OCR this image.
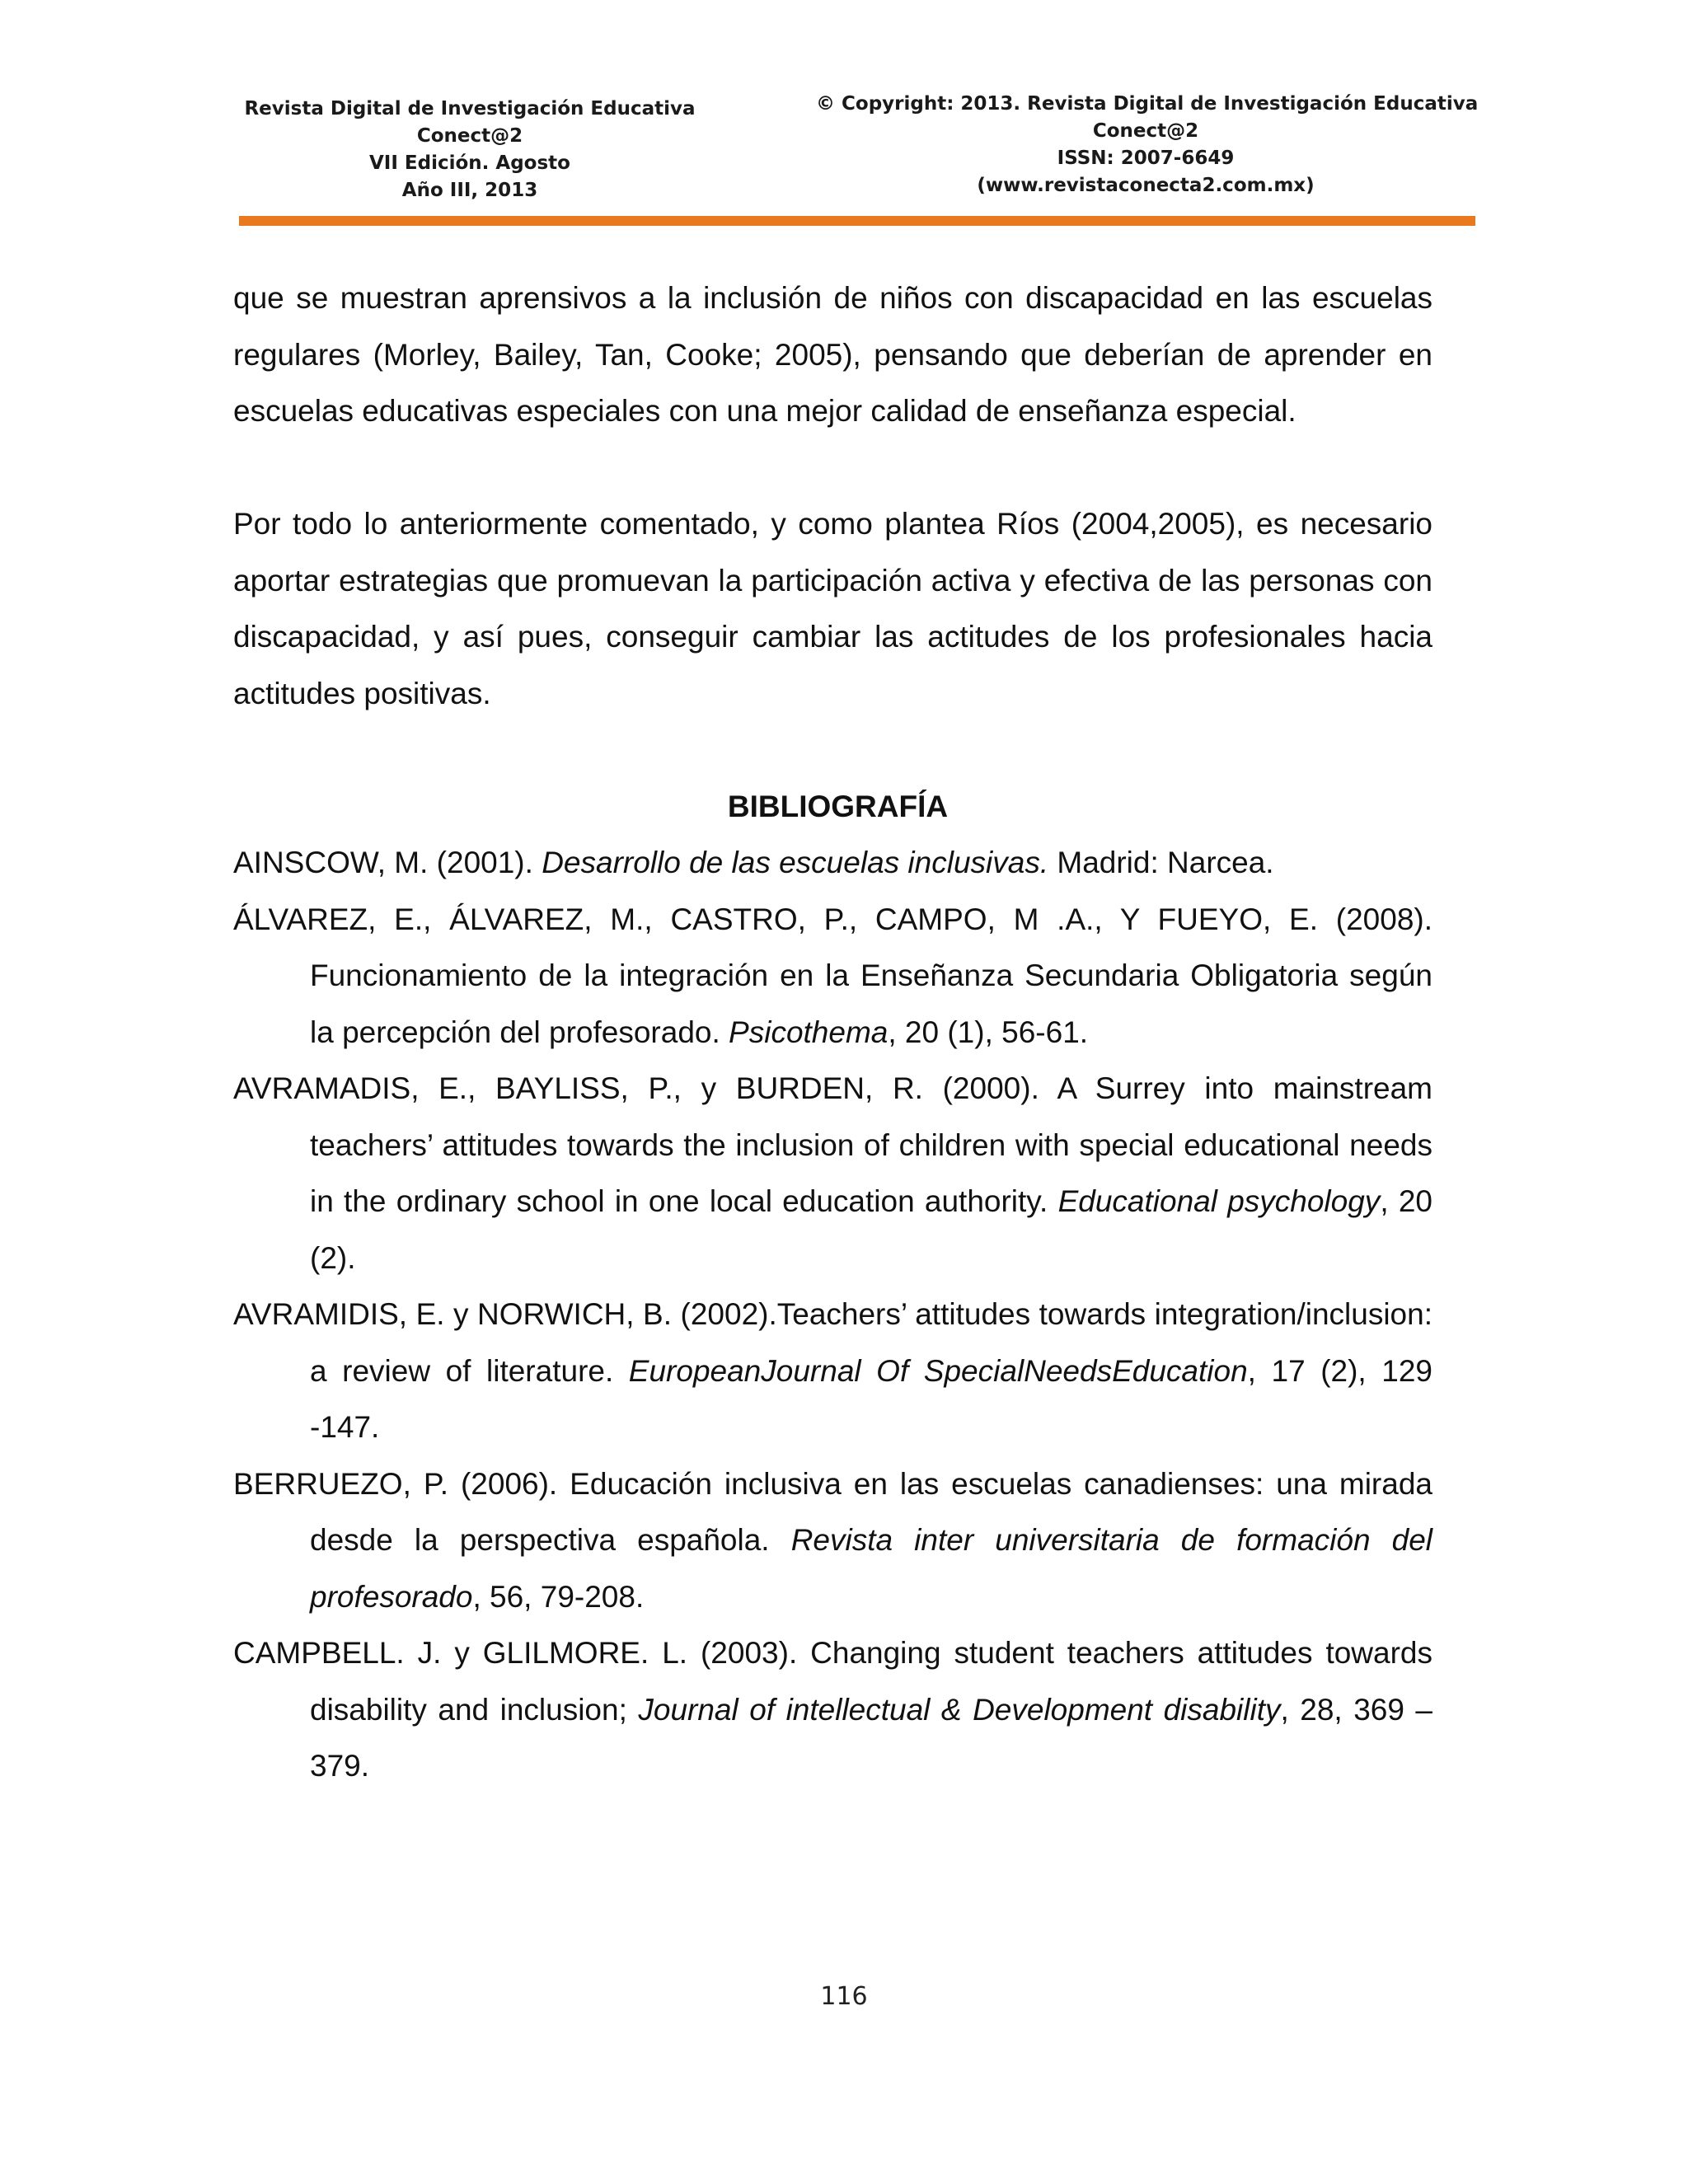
Revista Digital de Investigación Educativa
Conect@2
VII Edición. Agosto
Año III, 2013
© Copyright: 2013. Revista Digital de Investigación Educativa
Conect@2
ISSN: 2007-6649
(www.revistaconecta2.com.mx)

que se muestran aprensivos a la inclusión de niños con discapacidad en las escuelas regulares (Morley, Bailey, Tan, Cooke; 2005), pensando que deberían de aprender en escuelas educativas especiales con una mejor calidad de enseñanza especial.

Por todo lo anteriormente comentado, y como plantea Ríos (2004,2005), es necesario aportar estrategias que promuevan la participación activa y efectiva de las personas con discapacidad, y así pues, conseguir cambiar las actitudes de los profesionales hacia actitudes positivas.

BIBLIOGRAFÍA

AINSCOW, M. (2001). Desarrollo de las escuelas inclusivas. Madrid: Narcea.

ÁLVAREZ, E., ÁLVAREZ, M., CASTRO, P., CAMPO, M .A., Y FUEYO, E. (2008). Funcionamiento de la integración en la Enseñanza Secundaria Obligatoria según la percepción del profesorado. Psicothema, 20 (1), 56-61.

AVRAMADIS, E., BAYLISS, P., y BURDEN, R. (2000). A Surrey into mainstream teachers’ attitudes towards the inclusion of children with special educational needs in the ordinary school in one local education authority. Educational psychology, 20 (2).

AVRAMIDIS, E. y NORWICH, B. (2002).Teachers’ attitudes towards integration/inclusion: a review of literature. EuropeanJournal Of SpecialNeedsEducation, 17 (2), 129 -147.

BERRUEZO, P. (2006). Educación inclusiva en las escuelas canadienses: una mirada desde la perspectiva española. Revista inter universitaria de formación del profesorado, 56, 79-208.

CAMPBELL. J. y GLILMORE. L. (2003). Changing student teachers attitudes towards disability and inclusion; Journal of intellectual & Development disability, 28, 369 – 379.

116
